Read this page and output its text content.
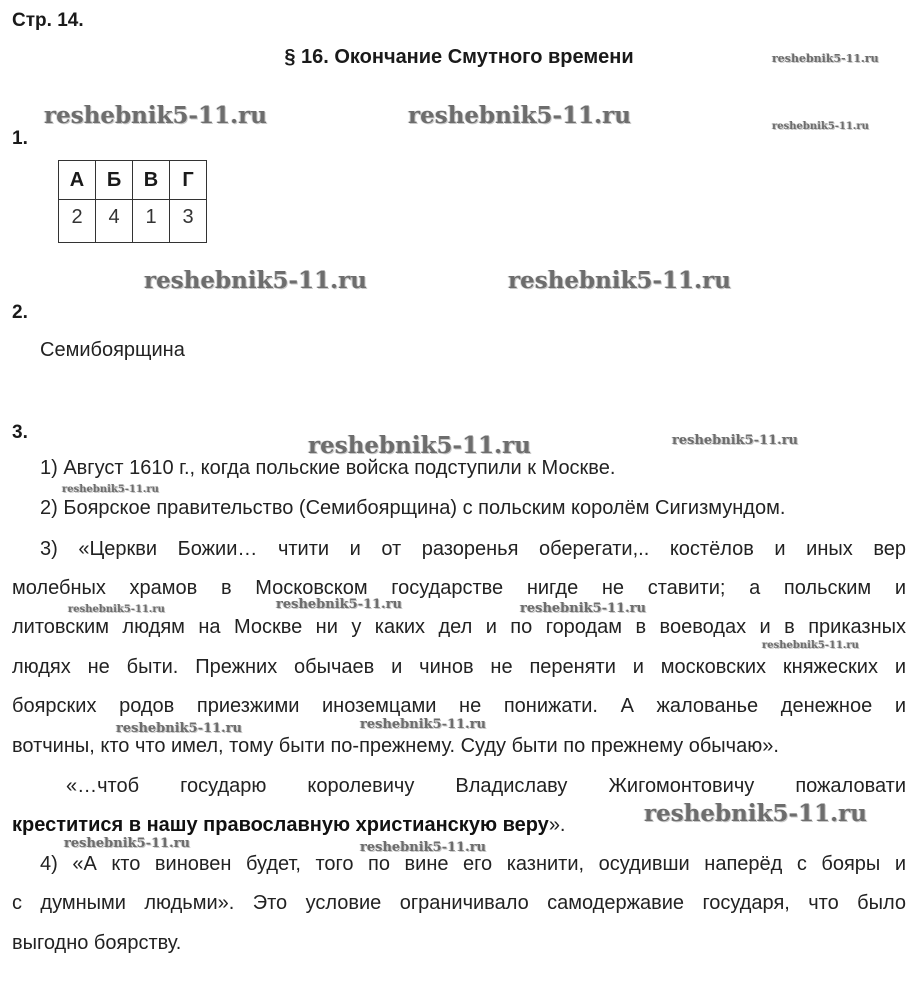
Стр. 14.
§ 16. Окончание Смутного времени
1.
А	Б	В	Г
2	4	1	3
2.
Семибоярщина
3.
1) Август 1610 г., когда польские войска подступили к Москве.
2) Боярское правительство (Семибоярщина) с польским королём Сигизмундом.
3) «Церкви Божии… чтити и от разоренья оберегати,.. костёлов и иных вер
молебных храмов в Московском государстве нигде не ставити; а польским и
литовским людям на Москве ни у каких дел и по городам в воеводах и в приказных
людях не быти. Прежних обычаев и чинов не переняти и московских княжеских и
боярских родов приезжими иноземцами не понижати. А жалованье денежное и
вотчины, кто что имел, тому быти по-прежнему. Суду быти по прежнему обычаю».
«…чтоб государю королевичу Владиславу Жигомонтовичу пожаловати
креститися в нашу православную христианскую веру».
4) «А кто виновен будет, того по вине его казнити, осудивши наперёд с бояры и
с думными людьми». Это условие ограничивало самодержавие государя, что было
выгодно боярству.
reshebnik5-11.ru
reshebnik5-11.ru	reshebnik5-11.ru	reshebnik5-11.ru
reshebnik5-11.ru	reshebnik5-11.ru
reshebnik5-11.ru	reshebnik5-11.ru
reshebnik5-11.ru
reshebnik5-11.ru	reshebnik5-11.ru	reshebnik5-11.ru
reshebnik5-11.ru
reshebnik5-11.ru	reshebnik5-11.ru
reshebnik5-11.ru
reshebnik5-11.ru	reshebnik5-11.ru
